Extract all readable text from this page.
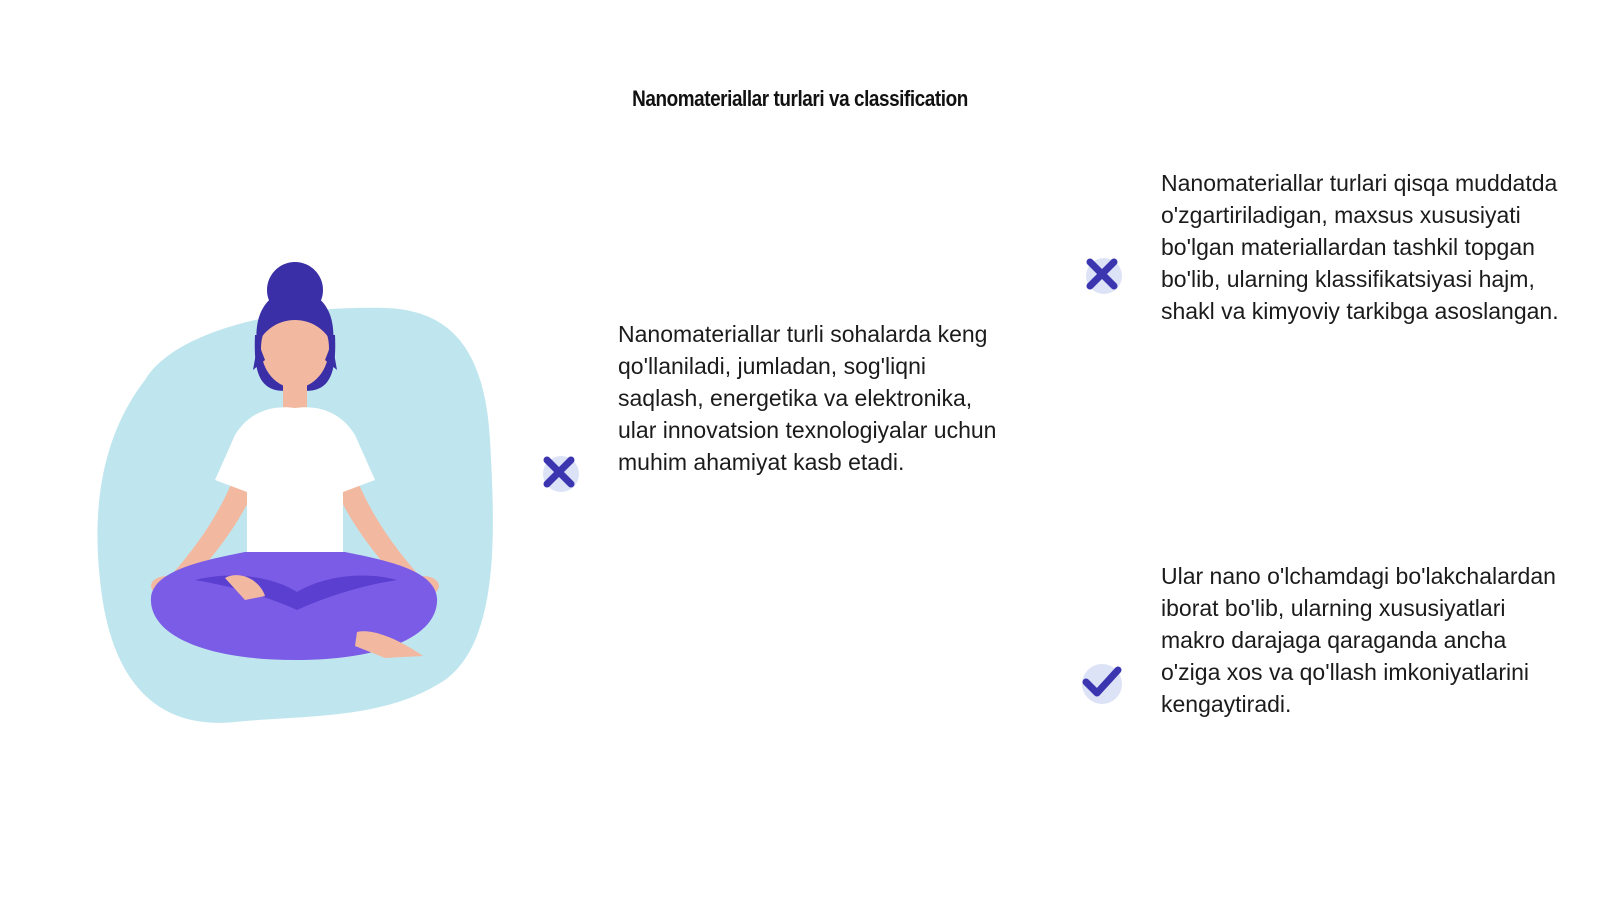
Nanomateriallar turlari va classification

Nanomateriallar turli sohalarda keng qo'llaniladi, jumladan, sog'liqni saqlash, energetika va elektronika, ular innovatsion texnologiyalar uchun muhim ahamiyat kasb etadi.

Nanomateriallar turlari qisqa muddatda o'zgartiriladigan, maxsus xususiyati bo'lgan materiallardan tashkil topgan bo'lib, ularning klassifikatsiyasi hajm, shakl va kimyoviy tarkibga asoslangan.

Ular nano o'lchamdagi bo'lakchalardan iborat bo'lib, ularning xususiyatlari makro darajaga qaraganda ancha o'ziga xos va qo'llash imkoniyatlarini kengaytiradi.
